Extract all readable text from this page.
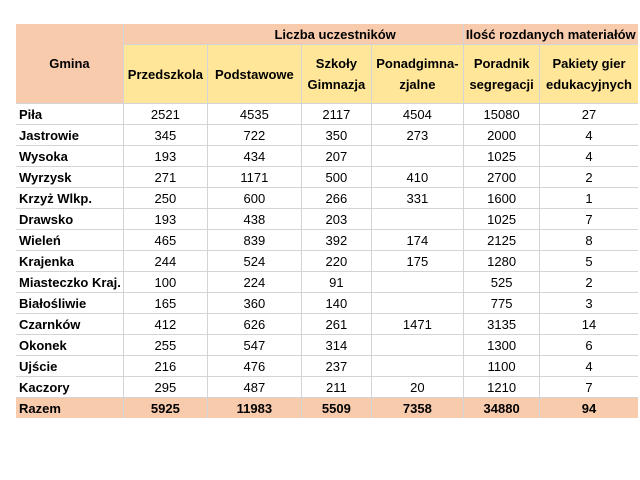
Gmina		Liczba uczestników			Ilość rozdanych materiałów	
	Przedszkola	Podstawowe	Szkoły Gimnazja	Ponadgimna- zjalne	Poradnik segregacji	Pakiety gier edukacyjnych
Piła	2521	4535	2117	4504	15080	27
Jastrowie	345	722	350	273	2000	4
Wysoka	193	434	207		1025	4
Wyrzysk	271	1171	500	410	2700	2
Krzyż Wlkp.	250	600	266	331	1600	1
Drawsko	193	438	203		1025	7
Wieleń	465	839	392	174	2125	8
Krajenka	244	524	220	175	1280	5
Miasteczko Kraj.	100	224	91		525	2
Białośliwie	165	360	140		775	3
Czarnków	412	626	261	1471	3135	14
Okonek	255	547	314		1300	6
Ujście	216	476	237		1100	4
Kaczory	295	487	211	20	1210	7
Razem	5925	11983	5509	7358	34880	94
